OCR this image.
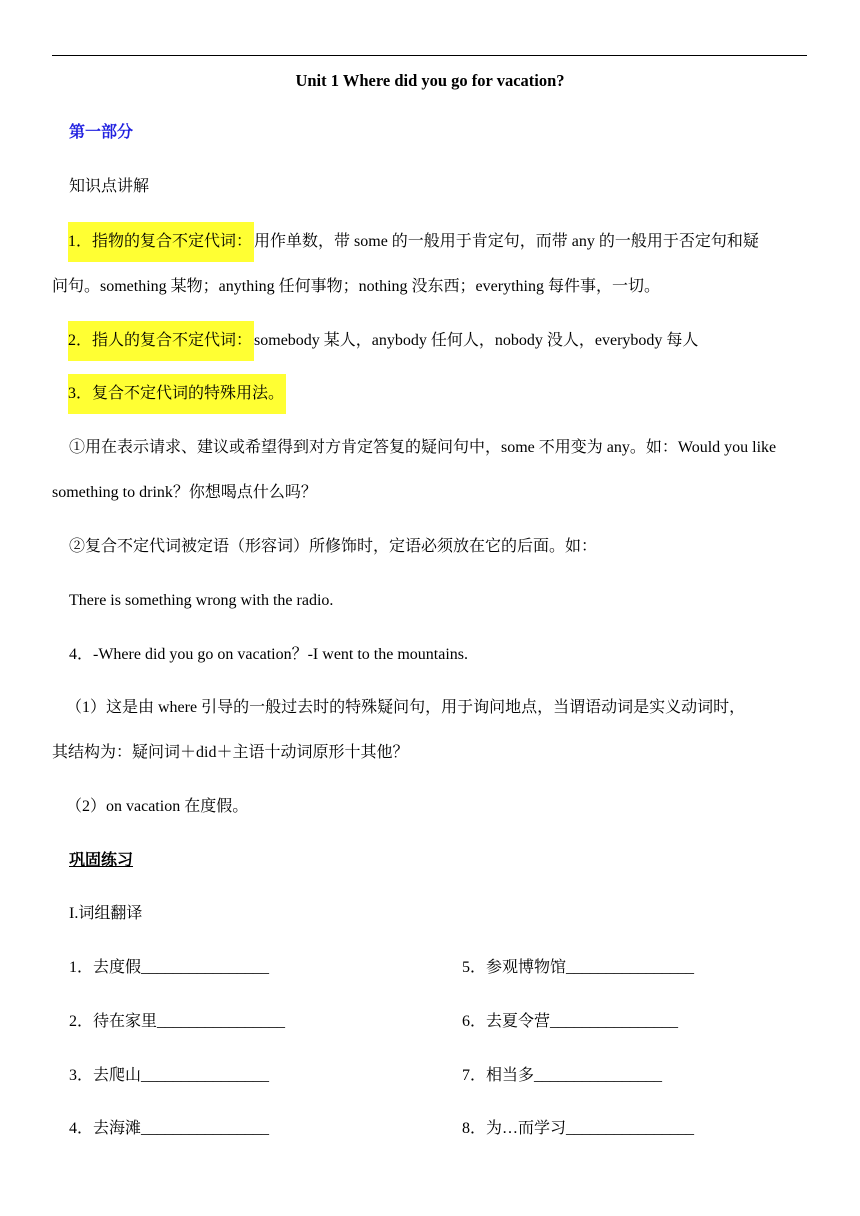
Unit 1 Where did you go for vacation?
第一部分
知识点讲解
1．指物的复合不定代词： 用作单数，带 some 的一般用于肯定句，而带 any 的一般用于否定句和疑
问句。something 某物；anything 任何事物；nothing 没东西；everything 每件事，一切。
2．指人的复合不定代词： somebody 某人，anybody 任何人，nobody 没人，everybody 每人
3．复合不定代词的特殊用法。
①用在表示请求、建议或希望得到对方肯定答复的疑问句中，some 不用变为 any。如：Would you like
something to drink？你想喝点什么吗？
②复合不定代词被定语（形容词）所修饰时，定语必须放在它的后面。如：
There is something wrong with the radio.
4．-Where did you go on vacation？-I went to the mountains.
（1）这是由 where 引导的一般过去时的特殊疑问句，用于询问地点，当谓语动词是实义动词时，
其结构为：疑问词＋did＋主语十动词原形十其他？
（2）on vacation 在度假。
巩固练习
I.词组翻译
1．去度假________________
2．待在家里________________
3．去爬山________________
4．去海滩________________
5．参观博物馆________________
6．去夏令营________________
7．相当多________________
8．为…而学习________________
